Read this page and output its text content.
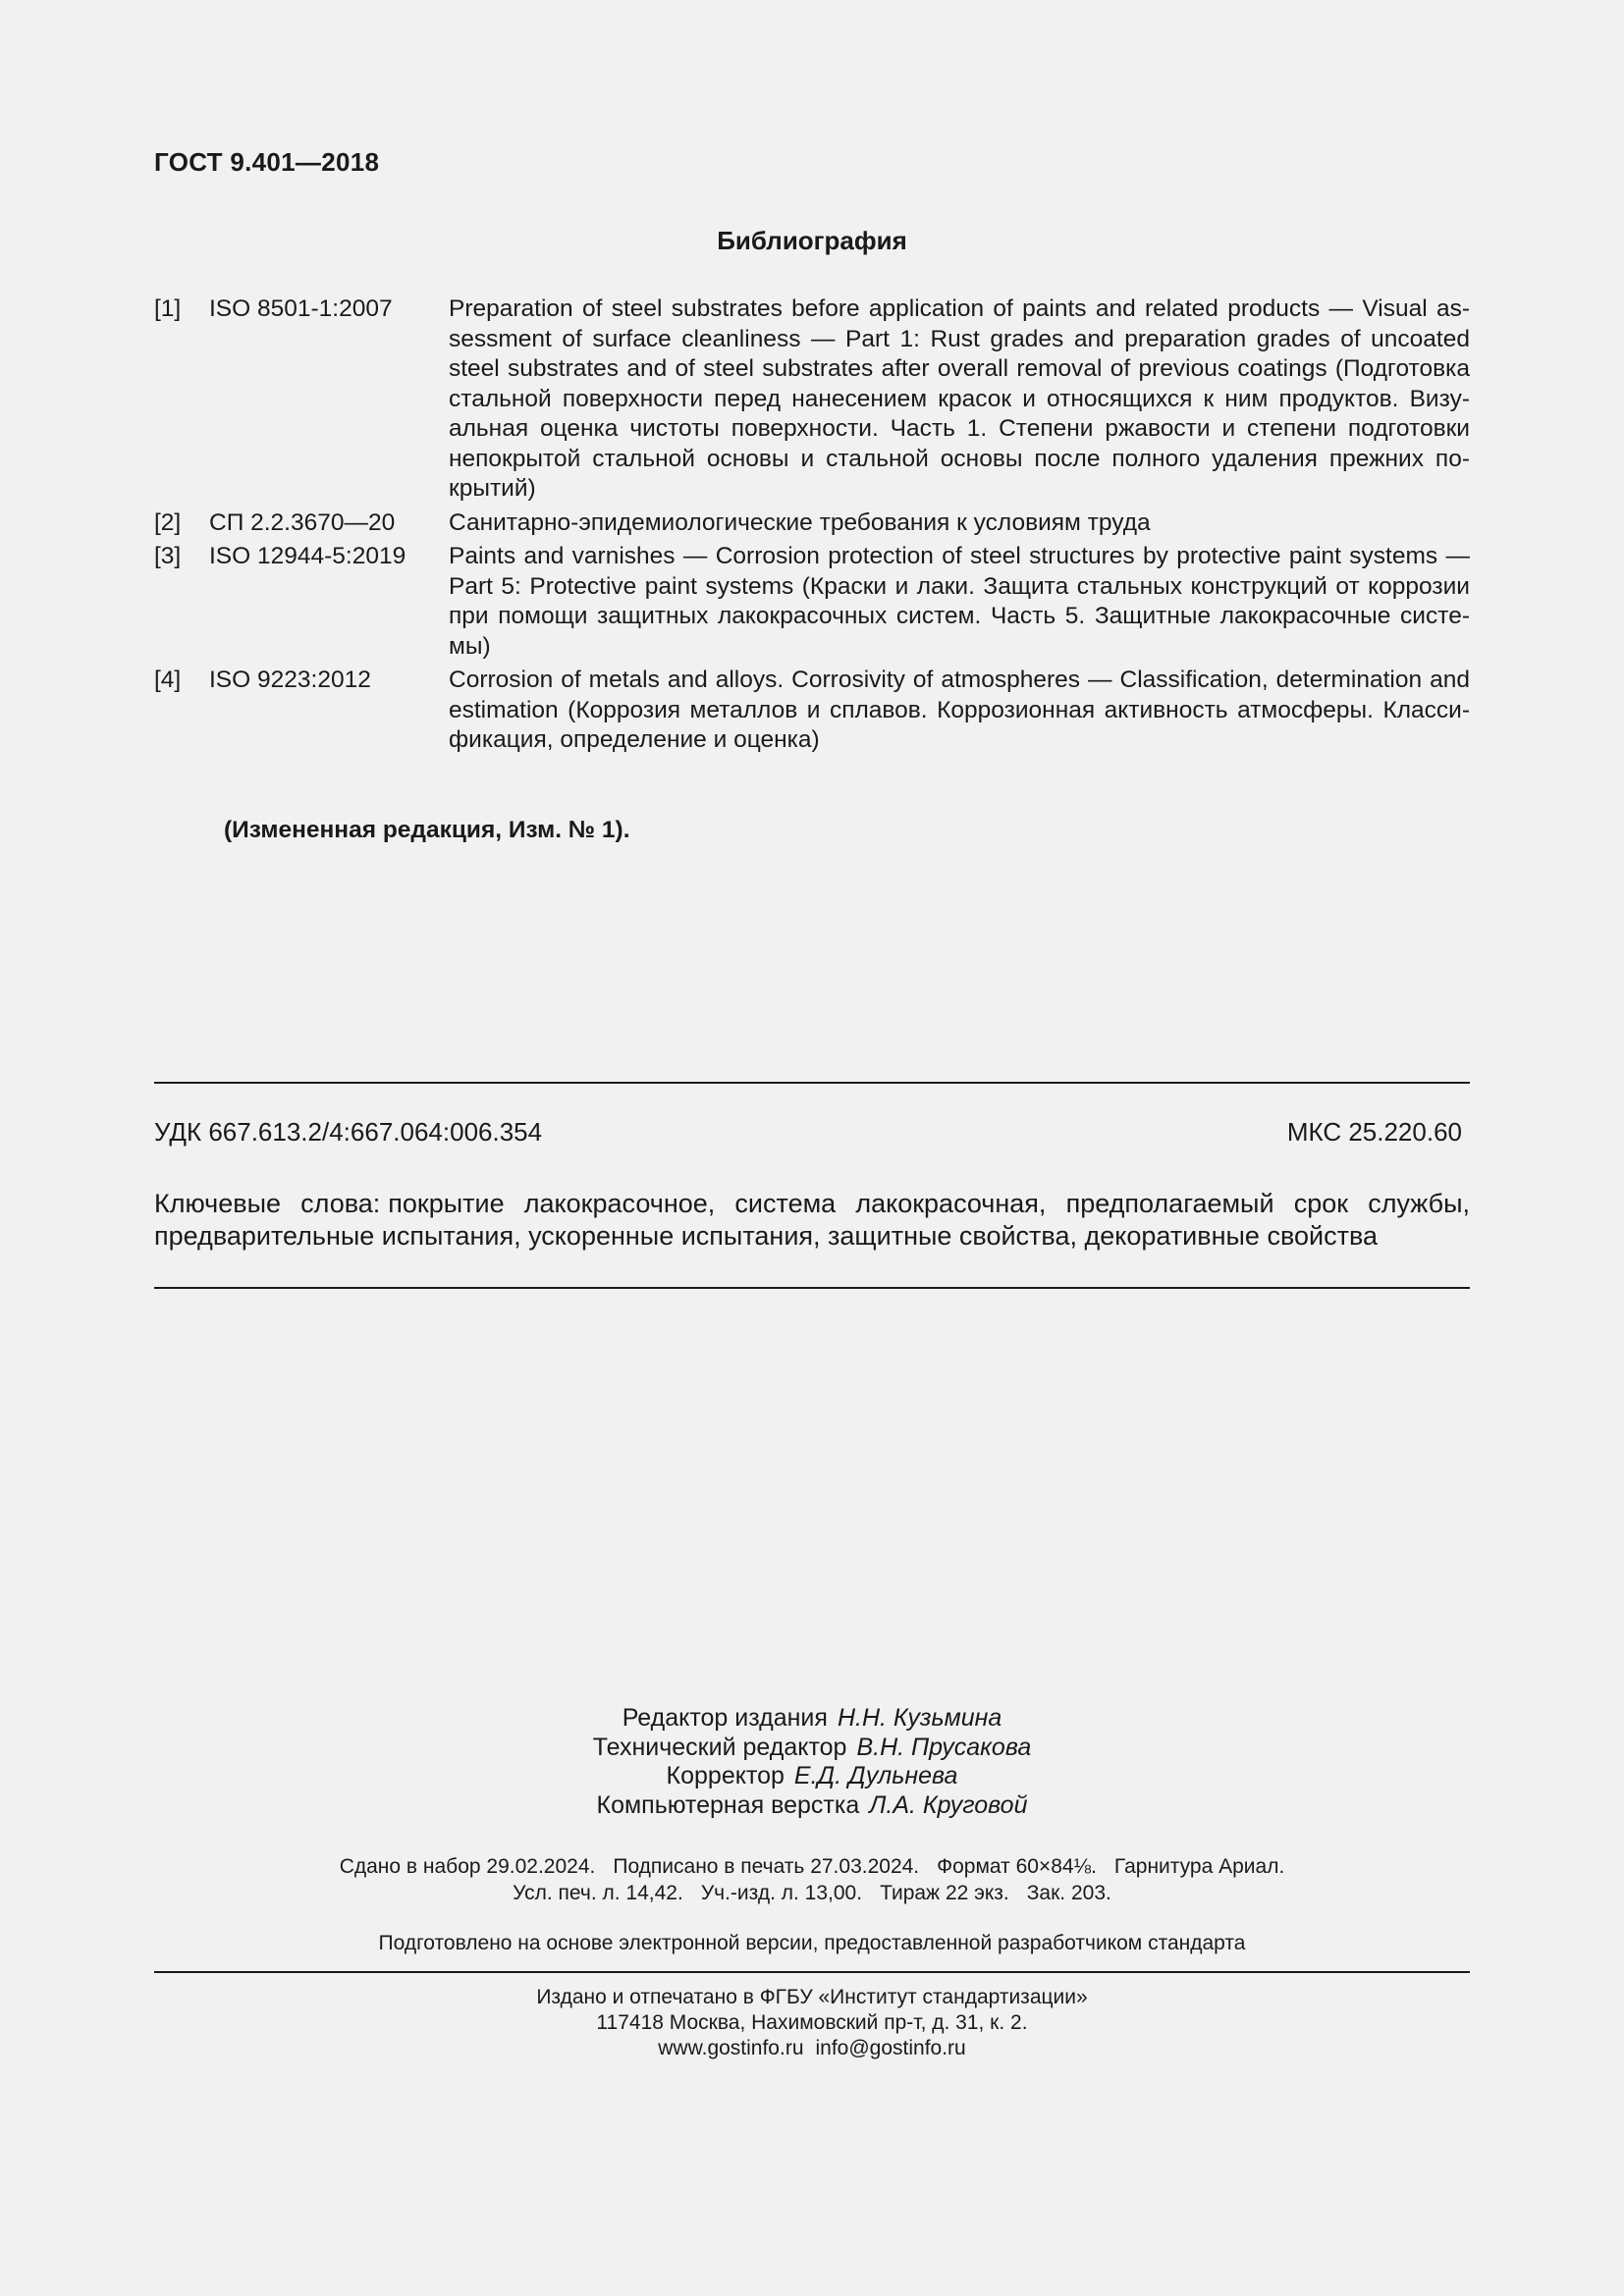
ГОСТ 9.401—2018
Библиография
[1]	ISO 8501-1:2007	Preparation of steel substrates before application of paints and related products — Visual assessment of surface cleanliness — Part 1: Rust grades and preparation grades of uncoated steel substrates and of steel substrates after overall removal of previous coatings (Подготовка стальной поверхности перед нанесением красок и относящихся к ним продуктов. Визуальная оценка чистоты поверхности. Часть 1. Степени ржавости и степени подготовки непокрытой стальной основы и стальной основы после полного удаления прежних покрытий)
[2]	СП 2.2.3670—20	Санитарно-эпидемиологические требования к условиям труда
[3]	ISO 12944-5:2019	Paints and varnishes — Corrosion protection of steel structures by protective paint systems — Part 5: Protective paint systems (Краски и лаки. Защита стальных конструкций от коррозии при помощи защитных лакокрасочных систем. Часть 5. Защитные лакокрасочные системы)
[4]	ISO 9223:2012	Corrosion of metals and alloys. Corrosivity of atmospheres — Classification, determination and estimation (Коррозия металлов и сплавов. Коррозионная активность атмосферы. Классификация, определение и оценка)
(Измененная редакция, Изм. № 1).
УДК 667.613.2/4:667.064:006.354	МКС 25.220.60
Ключевые слова: покрытие лакокрасочное, система лакокрасочная, предполагаемый срок службы, предварительные испытания, ускоренные испытания, защитные свойства, декоративные свойства
Редактор издания Н.Н. Кузьмина
Технический редактор В.Н. Прусакова
Корректор Е.Д. Дульнева
Компьютерная верстка Л.А. Круговой
Сдано в набор 29.02.2024. Подписано в печать 27.03.2024. Формат 60×84⅛. Гарнитура Ариал.
Усл. печ. л. 14,42. Уч.-изд. л. 13,00. Тираж 22 экз. Зак. 203.
Подготовлено на основе электронной версии, предоставленной разработчиком стандарта
Издано и отпечатано в ФГБУ «Институт стандартизации»
117418 Москва, Нахимовский пр-т, д. 31, к. 2.
www.gostinfo.ru info@gostinfo.ru
